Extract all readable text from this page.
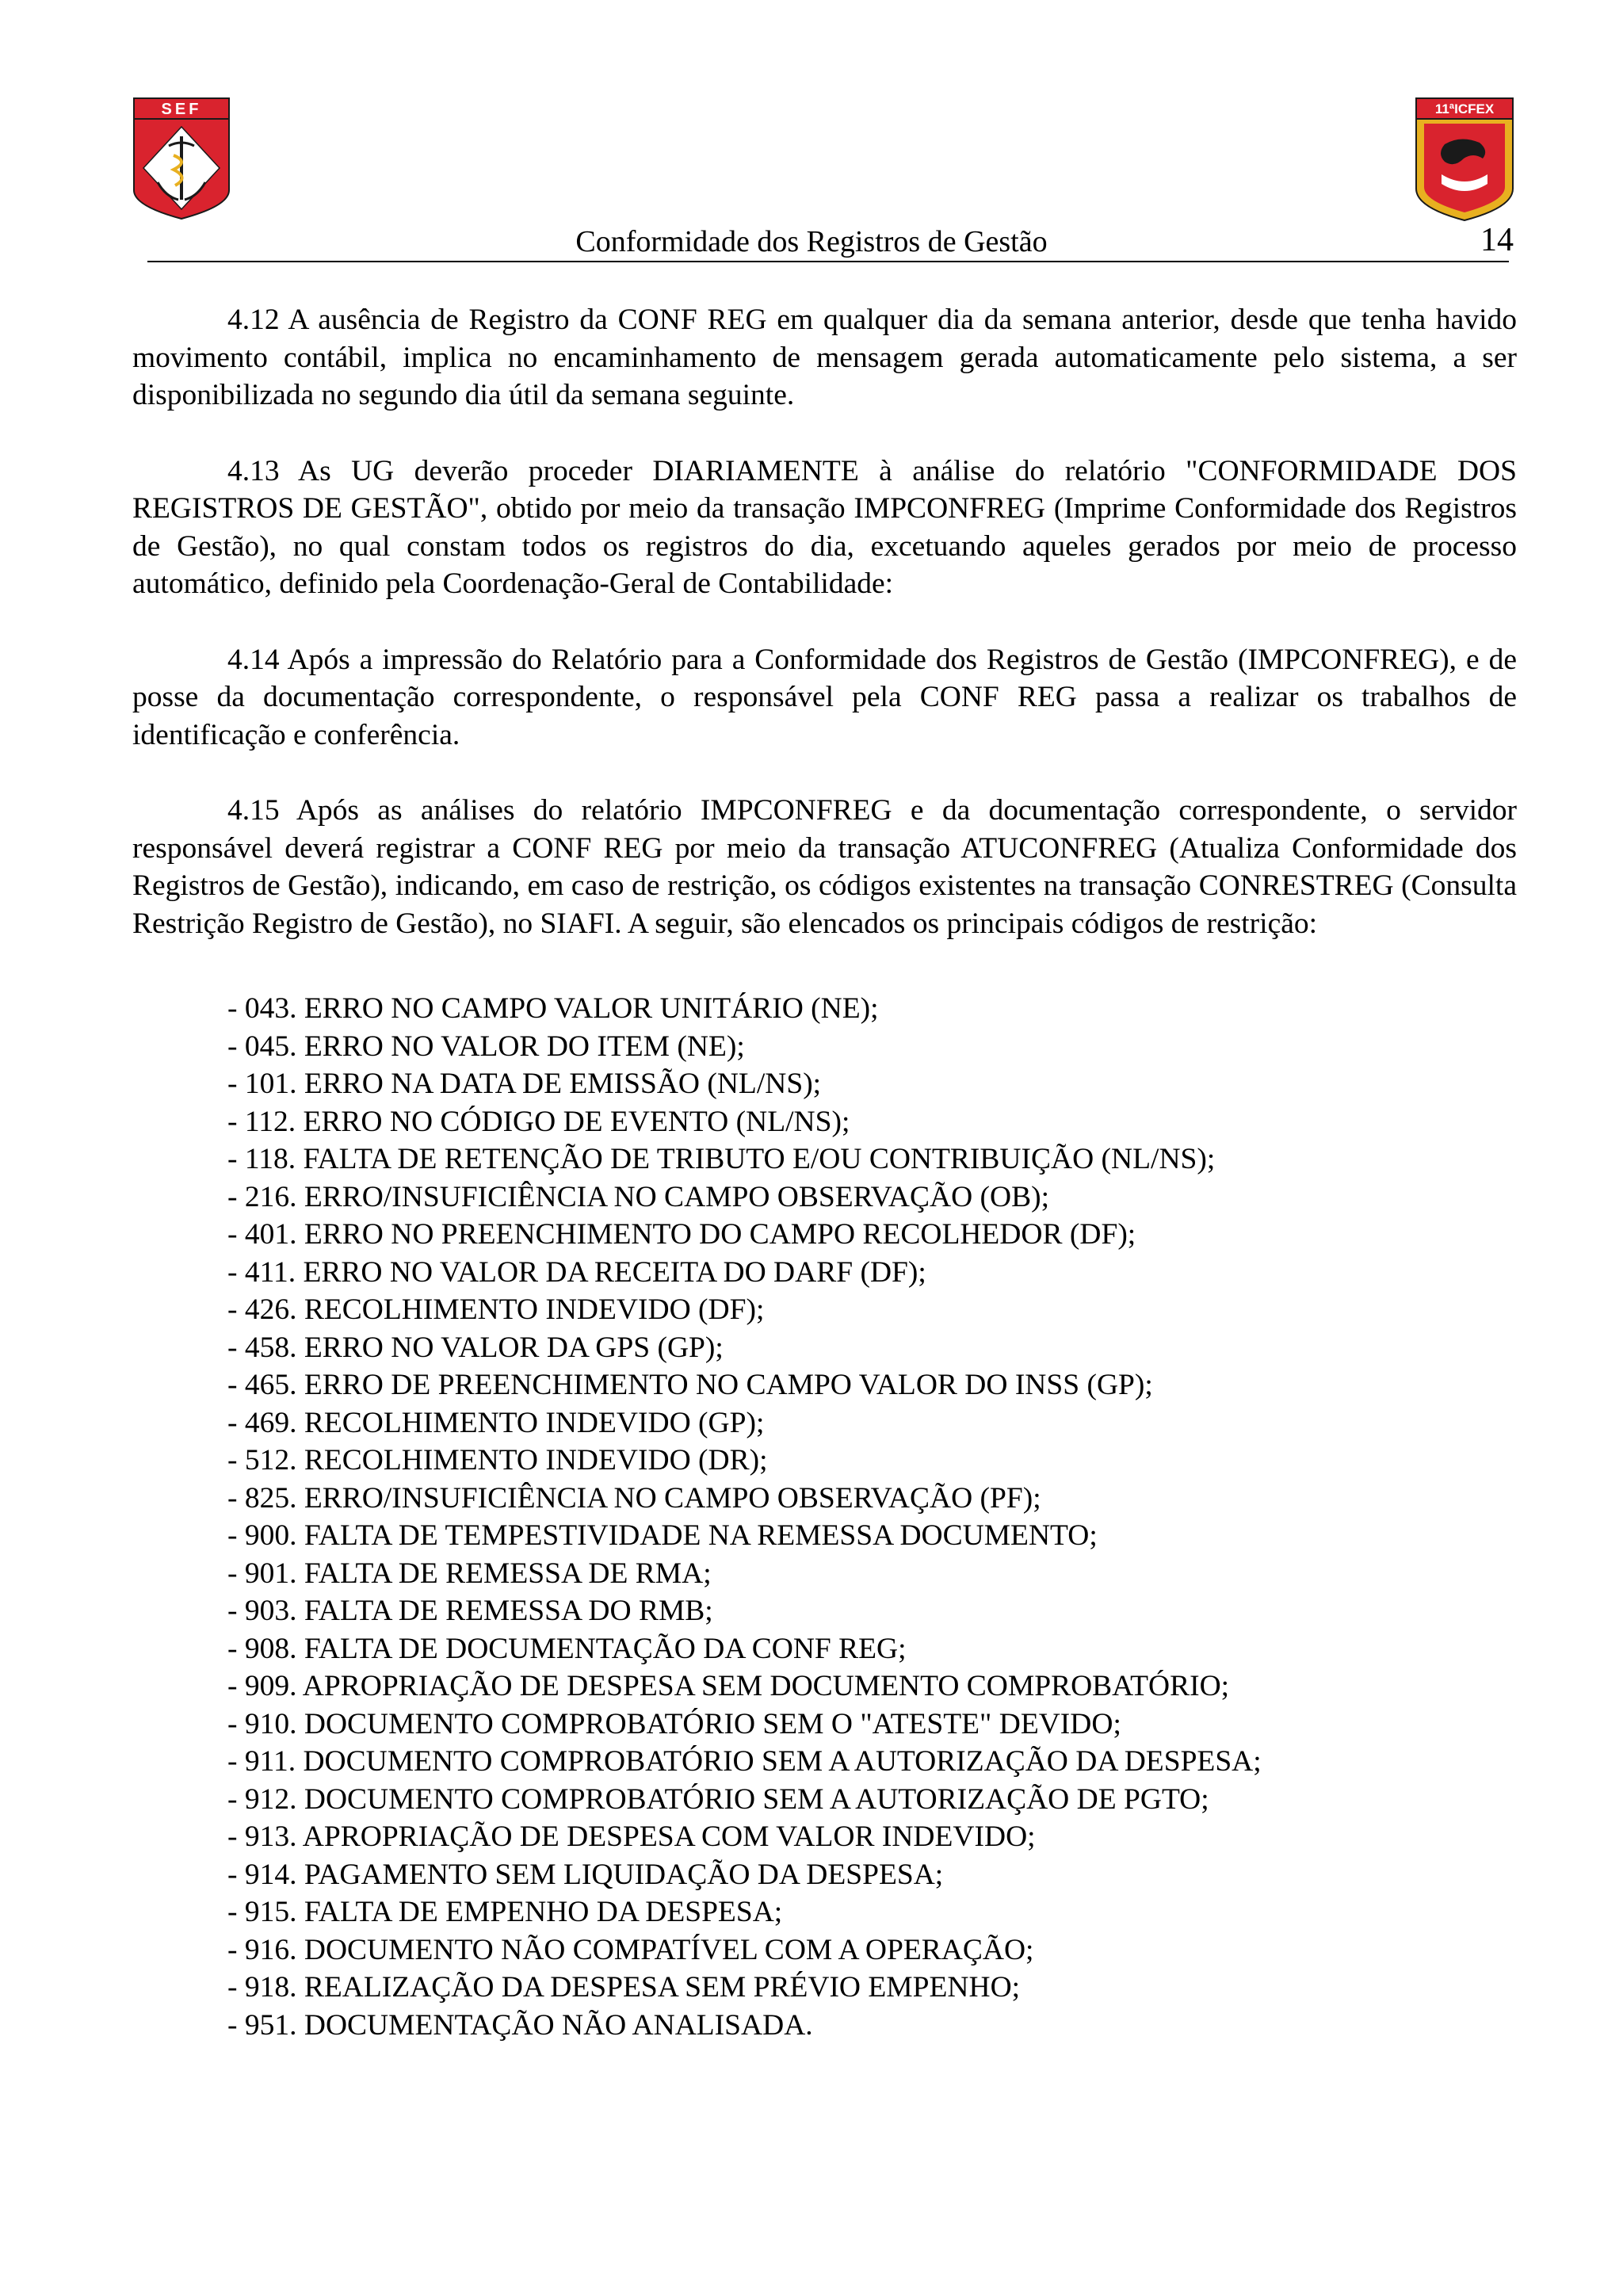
SEF	11ªICFEX
Conformidade dos Registros de Gestão	14

4.12 A ausência de Registro da CONF REG em qualquer dia da semana anterior, desde que tenha havido movimento contábil, implica no encaminhamento de mensagem gerada automaticamente pelo sistema, a ser disponibilizada no segundo dia útil da semana seguinte.

4.13 As UG deverão proceder DIARIAMENTE à análise do relatório "CONFORMIDADE DOS REGISTROS DE GESTÃO", obtido por meio da transação IMPCONFREG (Imprime Conformidade dos Registros de Gestão), no qual constam todos os registros do dia, excetuando aqueles gerados por meio de processo automático, definido pela Coordenação-Geral de Contabilidade:

4.14 Após a impressão do Relatório para a Conformidade dos Registros de Gestão (IMPCONFREG), e de posse da documentação correspondente, o responsável pela CONF REG passa a realizar os trabalhos de identificação e conferência.

4.15 Após as análises do relatório IMPCONFREG e da documentação correspondente, o servidor responsável deverá registrar a CONF REG por meio da transação ATUCONFREG (Atualiza Conformidade dos Registros de Gestão), indicando, em caso de restrição, os códigos existentes na transação CONRESTREG (Consulta Restrição Registro de Gestão), no SIAFI. A seguir, são elencados os principais códigos de restrição:

- 043. ERRO NO CAMPO VALOR UNITÁRIO (NE);
- 045. ERRO NO VALOR DO ITEM (NE);
- 101. ERRO NA DATA DE EMISSÃO (NL/NS);
- 112. ERRO NO CÓDIGO DE EVENTO (NL/NS);
- 118. FALTA DE RETENÇÃO DE TRIBUTO E/OU CONTRIBUIÇÃO (NL/NS);
- 216. ERRO/INSUFICIÊNCIA NO CAMPO OBSERVAÇÃO (OB);
- 401. ERRO NO PREENCHIMENTO DO CAMPO RECOLHEDOR (DF);
- 411. ERRO NO VALOR DA RECEITA DO DARF (DF);
- 426. RECOLHIMENTO INDEVIDO (DF);
- 458. ERRO NO VALOR DA GPS (GP);
- 465. ERRO DE PREENCHIMENTO NO CAMPO VALOR DO INSS (GP);
- 469. RECOLHIMENTO INDEVIDO (GP);
- 512. RECOLHIMENTO INDEVIDO (DR);
- 825. ERRO/INSUFICIÊNCIA NO CAMPO OBSERVAÇÃO (PF);
- 900. FALTA DE TEMPESTIVIDADE NA REMESSA DOCUMENTO;
- 901. FALTA DE REMESSA DE RMA;
- 903. FALTA DE REMESSA DO RMB;
- 908. FALTA DE DOCUMENTAÇÃO DA CONF REG;
- 909. APROPRIAÇÃO DE DESPESA SEM DOCUMENTO COMPROBATÓRIO;
- 910. DOCUMENTO COMPROBATÓRIO SEM O "ATESTE" DEVIDO;
- 911. DOCUMENTO COMPROBATÓRIO SEM A AUTORIZAÇÃO DA DESPESA;
- 912. DOCUMENTO COMPROBATÓRIO SEM A AUTORIZAÇÃO DE PGTO;
- 913. APROPRIAÇÃO DE DESPESA COM VALOR INDEVIDO;
- 914. PAGAMENTO SEM LIQUIDAÇÃO DA DESPESA;
- 915. FALTA DE EMPENHO DA DESPESA;
- 916. DOCUMENTO NÃO COMPATÍVEL COM A OPERAÇÃO;
- 918. REALIZAÇÃO DA DESPESA SEM PRÉVIO EMPENHO;
- 951. DOCUMENTAÇÃO NÃO ANALISADA.
